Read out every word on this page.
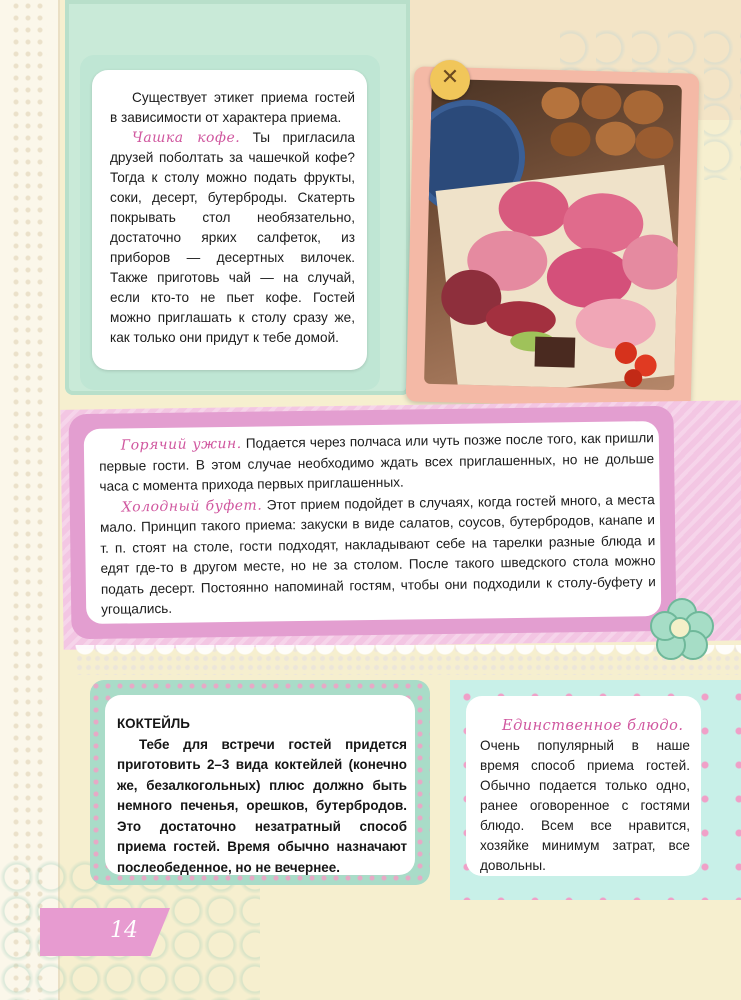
Существует этикет приема гостей в зависимости от характера приема.

Чашка кофе. Ты пригласила друзей поболтать за чашечкой кофе? Тогда к столу можно подать фрукты, соки, десерт, бутерброды. Скатерть покрывать стол необязательно, достаточно ярких салфеток, из приборов — десертных вилочек. Также приготовь чай — на случай, если кто-то не пьет кофе. Гостей можно приглашать к столу сразу же, как только они придут к тебе домой.

✕

Горячий ужин. Подается через полчаса или чуть позже после того, как пришли первые гости. В этом случае необходимо ждать всех приглашенных, но не дольше часа с момента прихода первых приглашенных.

Холодный буфет. Этот прием подойдет в случаях, когда гостей много, а места мало. Принцип такого приема: закуски в виде салатов, соусов, бутербродов, канапе и т. п. стоят на столе, гости подходят, накладывают себе на тарелки разные блюда и едят где-то в другом месте, но не за столом. После такого шведского стола можно подать десерт. Постоянно напоминай гостям, чтобы они подходили к столу-буфету и угощались.

КОКТЕЙЛЬ

Тебе для встречи гостей придется приготовить 2–3 вида коктейлей (конечно же, безалкогольных) плюс должно быть немного печенья, орешков, бутербродов. Это достаточно незатратный способ приема гостей. Время обычно назначают послеобеденное, но не вечернее.

Единственное блюдо.

Очень популярный в наше время способ приема гостей. Обычно подается только одно, ранее оговоренное с гостями блюдо. Всем все нравится, хозяйке минимум затрат, все довольны.

14
